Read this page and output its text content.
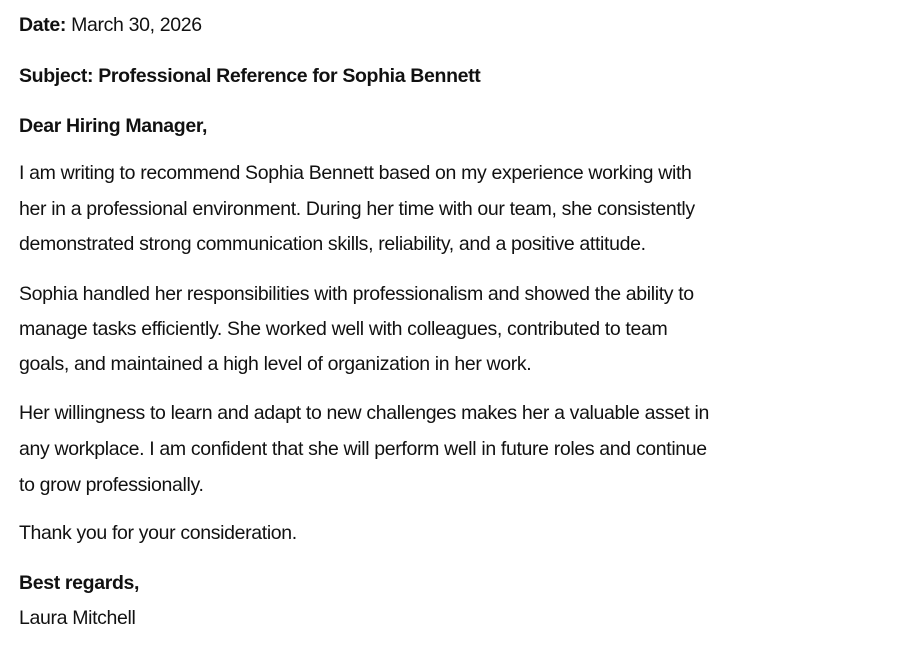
Date: March 30, 2026
Subject: Professional Reference for Sophia Bennett
Dear Hiring Manager,
I am writing to recommend Sophia Bennett based on my experience working with
her in a professional environment. During her time with our team, she consistently
demonstrated strong communication skills, reliability, and a positive attitude.
Sophia handled her responsibilities with professionalism and showed the ability to
manage tasks efficiently. She worked well with colleagues, contributed to team
goals, and maintained a high level of organization in her work.
Her willingness to learn and adapt to new challenges makes her a valuable asset in
any workplace. I am confident that she will perform well in future roles and continue
to grow professionally.
Thank you for your consideration.
Best regards,
Laura Mitchell
